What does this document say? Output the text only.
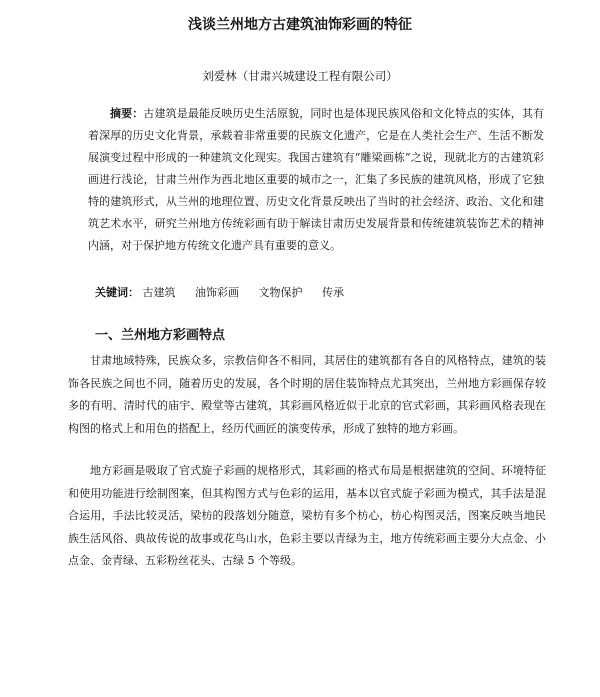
浅谈兰州地方古建筑油饰彩画的特征
刘爱林（甘肃兴城建设工程有限公司）

摘要：古建筑是最能反映历史生活原貌，同时也是体现民族风俗和文化特点的实体，其有着深厚的历史文化背景，承载着非常重要的民族文化遗产，它是在人类社会生产、生活不断发展演变过程中形成的一种建筑文化现实。我国古建筑有“雕梁画栋”之说，现就北方的古建筑彩画进行浅论，甘肃兰州作为西北地区重要的城市之一，汇集了多民族的建筑风格，形成了它独特的建筑形式，从兰州的地理位置、历史文化背景反映出了当时的社会经济、政治、文化和建筑艺术水平，研究兰州地方传统彩画有助于解读甘肃历史发展背景和传统建筑装饰艺术的精神内涵，对于保护地方传统文化遗产具有重要的意义。

关键词： 古建筑 油饰彩画 文物保护 传承
一、兰州地方彩画特点

甘肃地域特殊，民族众多，宗教信仰各不相同，其居住的建筑都有各自的风格特点，建筑的装饰各民族之间也不同，随着历史的发展，各个时期的居住装饰特点尤其突出，兰州地方彩画保存较多的有明、清时代的庙宇、殿堂等古建筑，其彩画风格近似于北京的官式彩画，其彩画风格表现在构图的格式上和用色的搭配上，经历代画匠的演变传承，形成了独特的地方彩画。

地方彩画是吸取了官式旋子彩画的规格形式，其彩画的格式布局是根据建筑的空间、环境特征和使用功能进行绘制图案，但其构图方式与色彩的运用，基本以官式旋子彩画为模式，其手法是混合运用，手法比较灵活，梁枋的段落划分随意，梁枋有多个枋心，枋心构图灵活，图案反映当地民族生活风俗、典故传说的故事或花鸟山水，色彩主要以青绿为主，地方传统彩画主要分大点金、小点金、金青绿、五彩粉丝花头、古绿 5 个等级。
